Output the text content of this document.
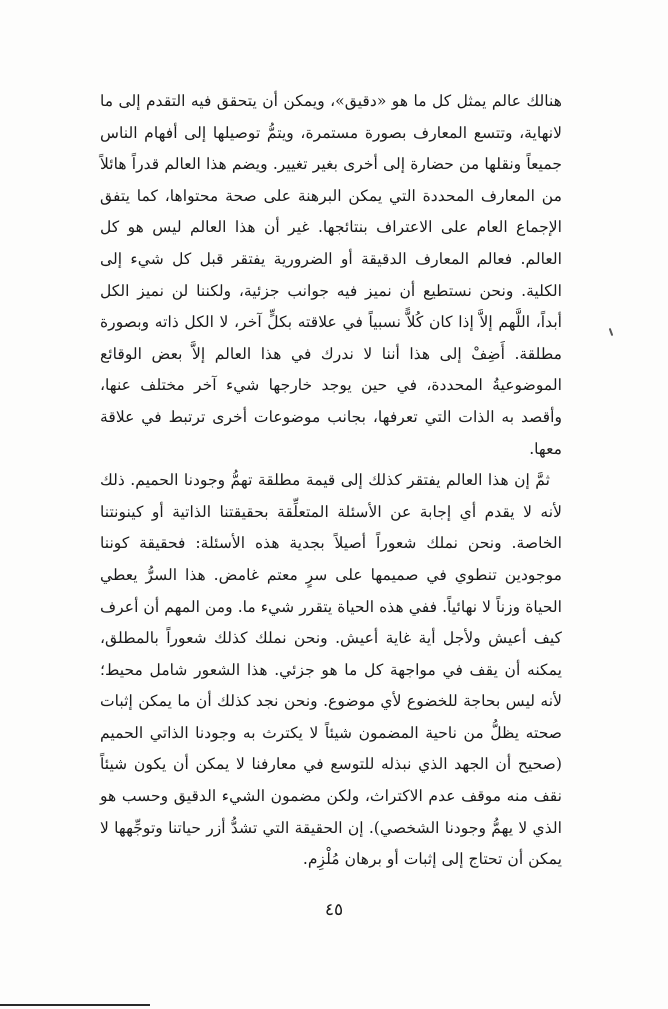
هنالك عالم يمثل كل ما هو «دقيق»، ويمكن أن يتحقق فيه التقدم إلى ما لانهاية، وتتسع المعارف بصورة مستمرة، ويتمُّ توصيلها إلى أفهام الناس جميعاً ونقلها من حضارة إلى أخرى بغير تغيير. ويضم هذا العالم قدراً هائلاً من المعارف المحددة التي يمكن البرهنة على صحة محتواها، كما يتفق الإجماع العام على الاعتراف بنتائجها. غير أن هذا العالم ليس هو كل العالم. فعالم المعارف الدقيقة أو الضرورية يفتقر قبل كل شيء إلى الكلية. ونحن نستطيع أن نميز فيه جوانب جزئية، ولكننا لن نميز الكل أبداً، اللَّهم إلاَّ إذا كان كُلاًّ نسبياً في علاقته بكلٍّ آخر، لا الكل ذاته وبصورة مطلقة. أَضِفْ إلى هذا أننا لا ندرك في هذا العالم إلاَّ بعض الوقائع الموضوعيةُ المحددة، في حين يوجد خارجها شيء آخر مختلف عنها، وأقصد به الذات التي تعرفها، بجانب موضوعات أخرى ترتبط في علاقة معها.

ثمَّ إن هذا العالم يفتقر كذلك إلى قيمة مطلقة تهمُّ وجودنا الحميم. ذلك لأنه لا يقدم أي إجابة عن الأسئلة المتعلِّقة بحقيقتنا الذاتية أو كينونتنا الخاصة. ونحن نملك شعوراً أصيلاً بجدية هذه الأسئلة: فحقيقة كوننا موجودين تنطوي في صميمها على سرٍ معتم غامض. هذا السرُّ يعطي الحياة وزناً لا نهائياً. ففي هذه الحياة يتقرر شيء ما. ومن المهم أن أعرف كيف أعيش ولأجل أية غاية أعيش. ونحن نملك كذلك شعوراً بالمطلق، يمكنه أن يقف في مواجهة كل ما هو جزئي. هذا الشعور شامل محيط؛ لأنه ليس بحاجة للخضوع لأي موضوع. ونحن نجد كذلك أن ما يمكن إثبات صحته يظلُّ من ناحية المضمون شيئاً لا يكترث به وجودنا الذاتي الحميم (صحيح أن الجهد الذي نبذله للتوسع في معارفنا لا يمكن أن يكون شيئاً نقف منه موقف عدم الاكتراث، ولكن مضمون الشيء الدقيق وحسب هو الذي لا يهمُّ وجودنا الشخصي). إن الحقيقة التي تشدُّ أزر حياتنا وتوجِّهها لا يمكن أن تحتاج إلى إثبات أو برهان مُلْزِم.

٤٥
